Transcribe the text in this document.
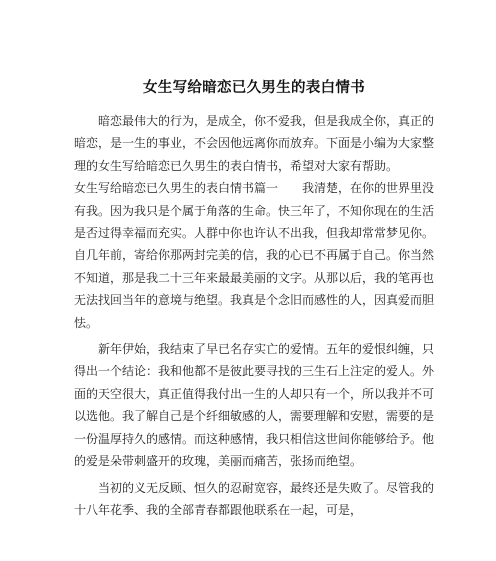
女生写给暗恋已久男生的表白情书

暗恋最伟大的行为，是成全，你不爱我，但是我成全你，真正的暗恋，是一生的事业，不会因他远离你而放弃。下面是小编为大家整理的女生写给暗恋已久男生的表白情书，希望对大家有帮助。

女生写给暗恋已久男生的表白情书篇一　　我清楚，在你的世界里没有我。因为我只是个属于角落的生命。快三年了，不知你现在的生活是否过得幸福而充实。人群中你也许认不出我，但我却常常梦见你。自几年前，寄给你那两封完美的信，我的心已不再属于自己。你当然不知道，那是我二十三年来最最美丽的文字。从那以后，我的笔再也无法找回当年的意境与绝望。我真是个念旧而感性的人，因真爱而胆怯。

新年伊始，我结束了早已名存实亡的爱情。五年的爱恨纠缠，只得出一个结论：我和他都不是彼此要寻找的三生石上注定的爱人。外面的天空很大，真正值得我付出一生的人却只有一个，所以我并不可以选他。我了解自己是个纤细敏感的人，需要理解和安慰，需要的是一份温厚持久的感情。而这种感情，我只相信这世间你能够给予。他的爱是朵带刺盛开的玫瑰，美丽而痛苦，张扬而绝望。

当初的义无反顾、恒久的忍耐宽容，最终还是失败了。尽管我的十八年花季、我的全部青春都跟他联系在一起，可是，
